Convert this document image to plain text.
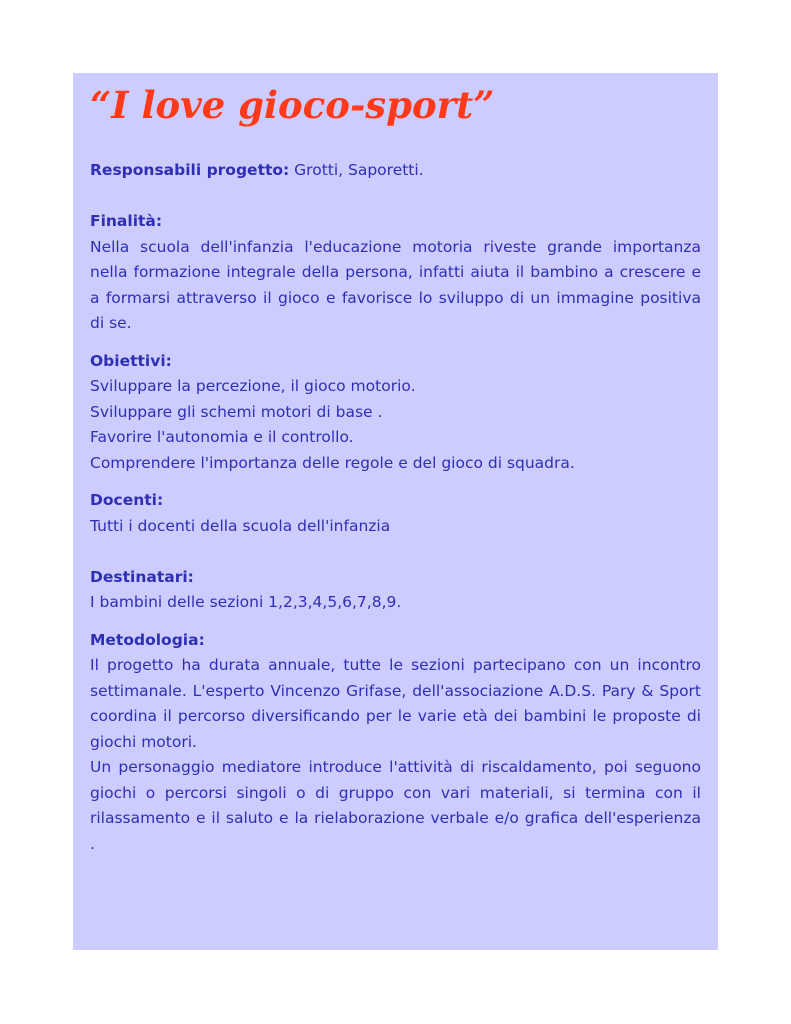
“I love gioco-sport”

Responsabili progetto: Grotti, Saporetti.

Finalità:

Nella scuola dell'infanzia l'educazione motoria riveste grande importanza nella formazione integrale della persona, infatti aiuta il bambino a crescere e a formarsi attraverso il gioco e favorisce lo sviluppo di un immagine positiva di se.

Obiettivi:

Sviluppare la percezione, il gioco motorio.

Sviluppare gli schemi motori di base .

Favorire l'autonomia e il controllo.

Comprendere l'importanza delle regole e del gioco di squadra.

Docenti:

Tutti i docenti della scuola dell'infanzia

Destinatari:

I bambini delle sezioni 1,2,3,4,5,6,7,8,9.

Metodologia:

Il progetto ha durata annuale, tutte le sezioni partecipano con un incontro settimanale. L'esperto Vincenzo Grifase, dell'associazione A.D.S. Pary & Sport coordina il percorso diversificando per le varie età dei bambini le proposte di giochi motori.

Un personaggio mediatore introduce l'attività di riscaldamento, poi seguono giochi o percorsi singoli o di gruppo con vari materiali, si termina con il rilassamento e il saluto e la rielaborazione verbale e/o grafica dell'esperienza .
